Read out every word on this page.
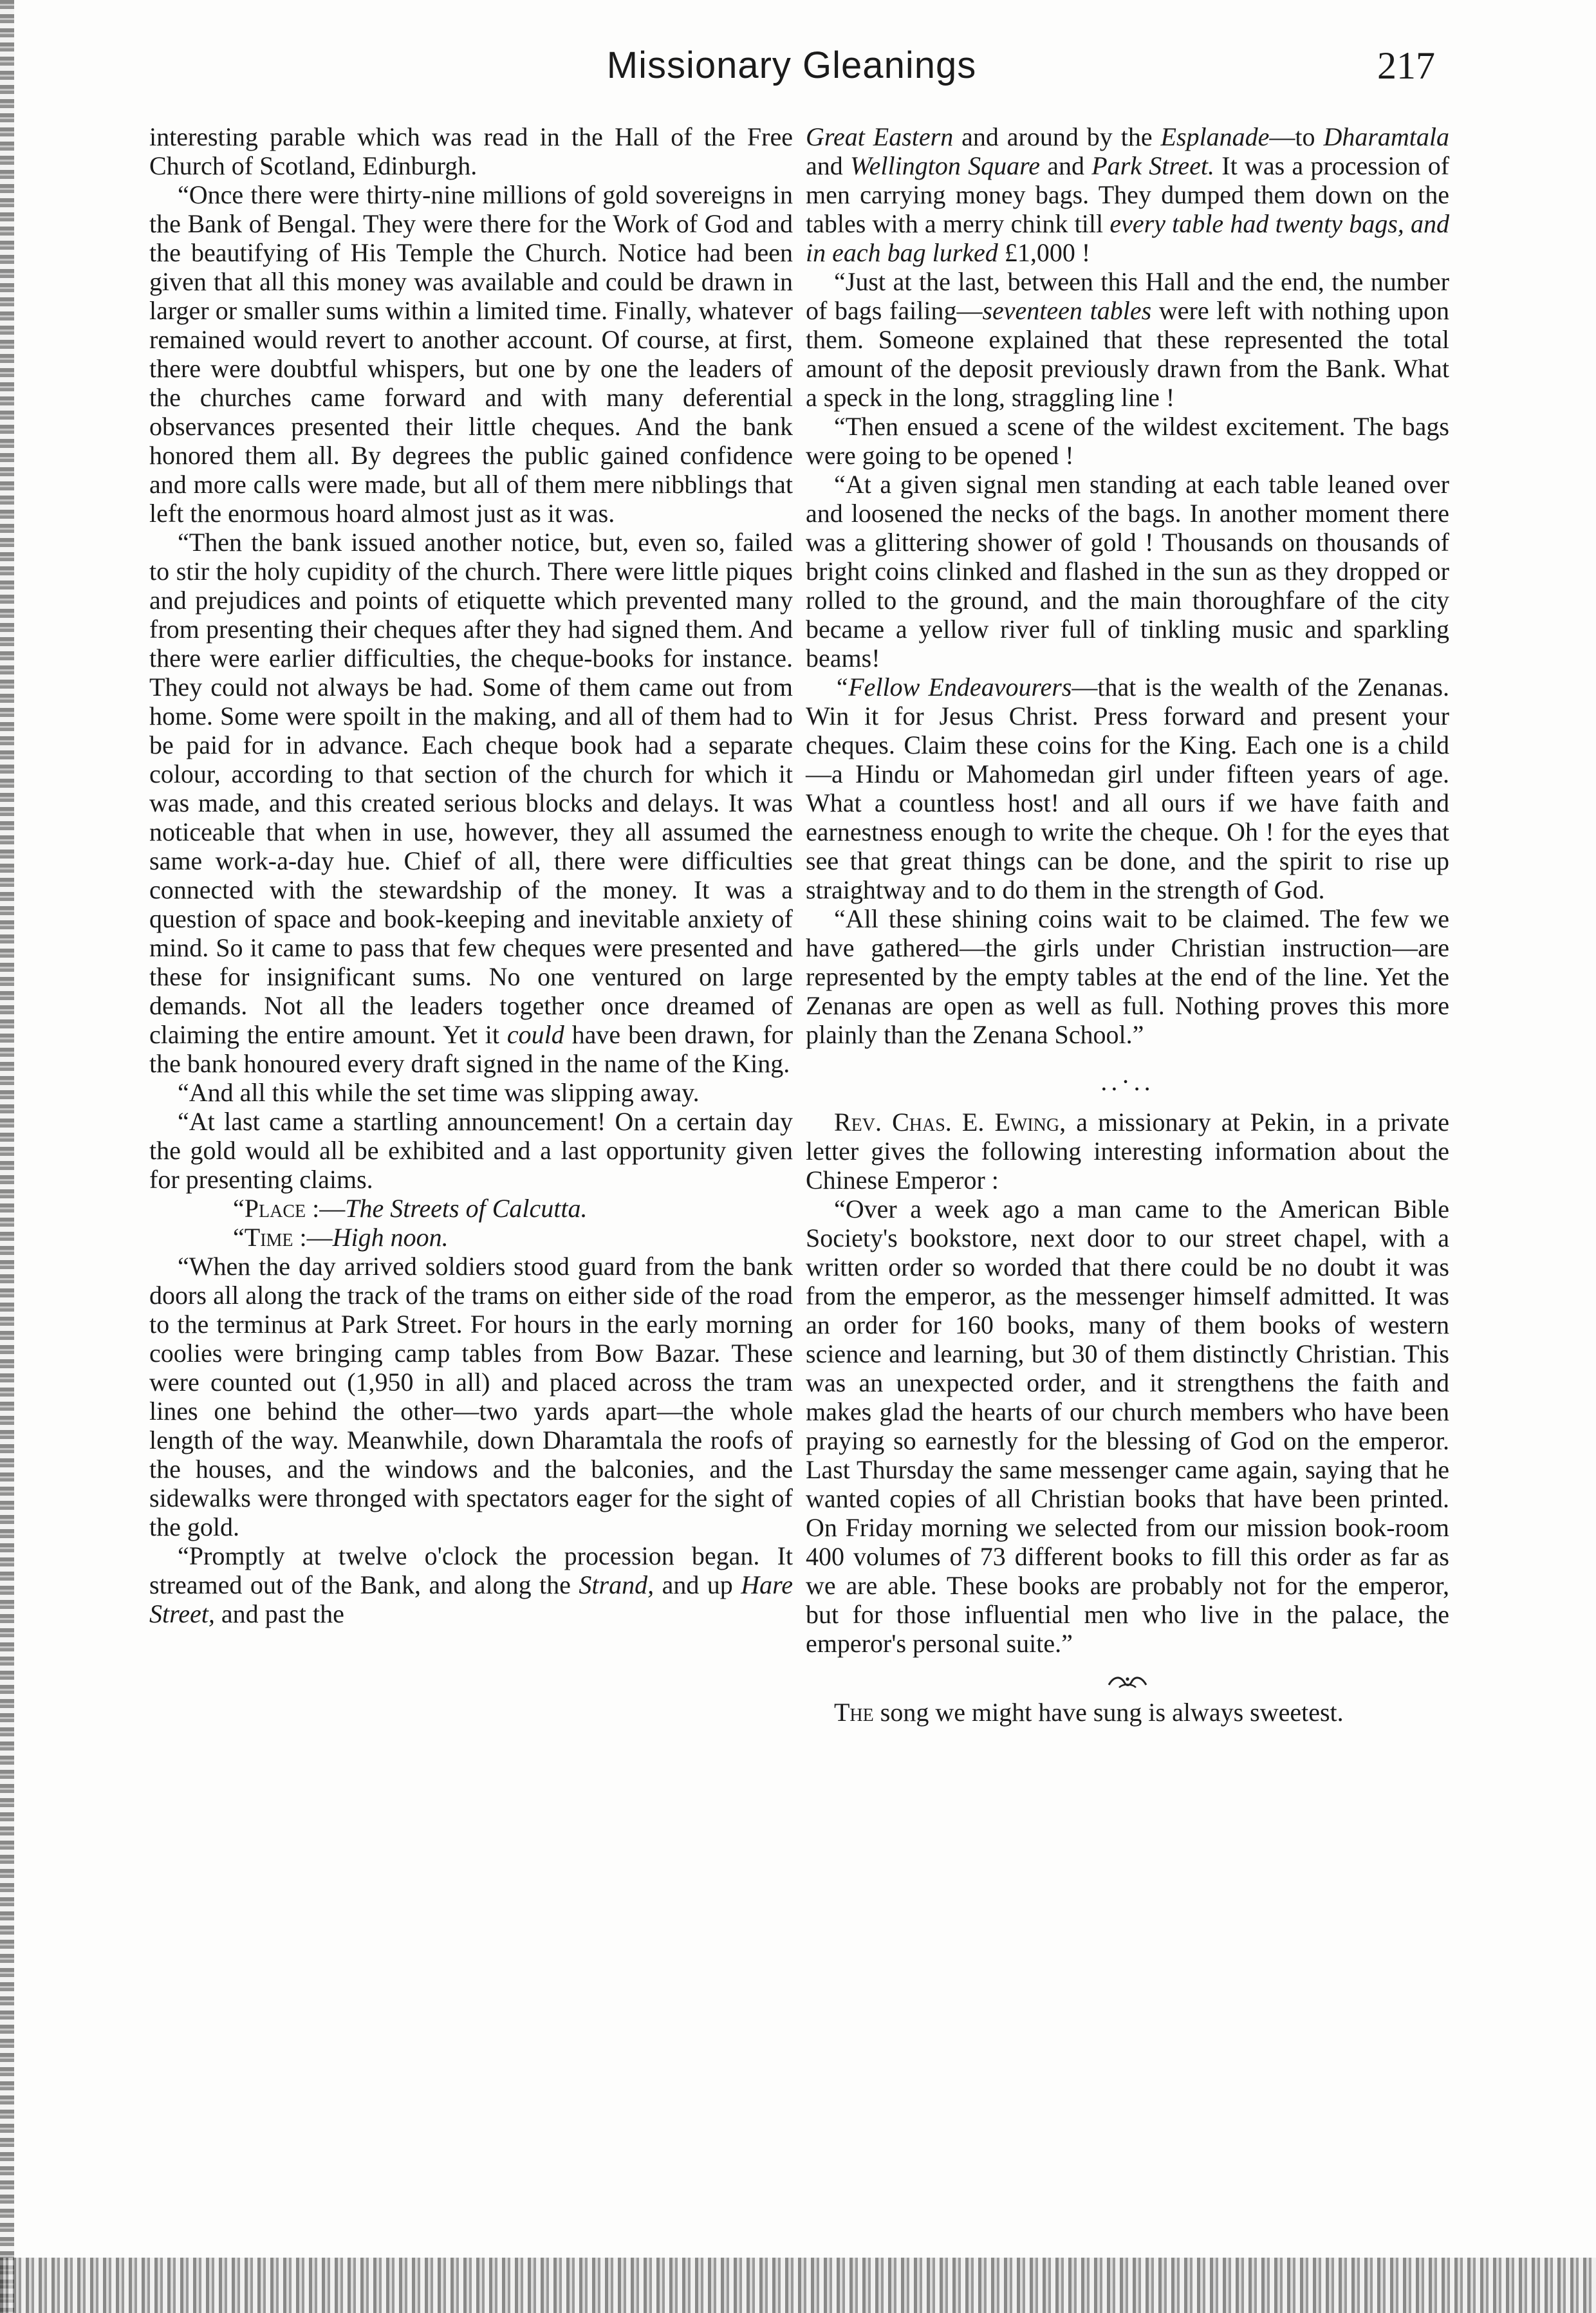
Missionary Gleanings	217

interesting parable which was read in the Hall of the Free Church of Scotland, Edinburgh.

“Once there were thirty-nine millions of gold sovereigns in the Bank of Bengal. They were there for the Work of God and the beautifying of His Temple the Church. Notice had been given that all this money was available and could be drawn in larger or smaller sums within a limited time. Finally, whatever remained would revert to another account. Of course, at first, there were doubtful whispers, but one by one the leaders of the churches came forward and with many deferential observances presented their little cheques. And the bank honored them all. By degrees the public gained confidence and more calls were made, but all of them mere nibblings that left the enormous hoard almost just as it was.

“Then the bank issued another notice, but, even so, failed to stir the holy cupidity of the church. There were little piques and prejudices and points of etiquette which prevented many from presenting their cheques after they had signed them. And there were earlier difficulties, the cheque-books for instance. They could not always be had. Some of them came out from home. Some were spoilt in the making, and all of them had to be paid for in advance. Each cheque book had a separate colour, according to that section of the church for which it was made, and this created serious blocks and delays. It was noticeable that when in use, however, they all assumed the same work-a-day hue. Chief of all, there were difficulties connected with the stewardship of the money. It was a question of space and book-keeping and inevitable anxiety of mind. So it came to pass that few cheques were presented and these for insignificant sums. No one ventured on large demands. Not all the leaders together once dreamed of claiming the entire amount. Yet it could have been drawn, for the bank honoured every draft signed in the name of the King.

“And all this while the set time was slipping away.

“At last came a startling announcement! On a certain day the gold would all be exhibited and a last opportunity given for presenting claims.

“Place :—The Streets of Calcutta.

“Time :—High noon.

“When the day arrived soldiers stood guard from the bank doors all along the track of the trams on either side of the road to the terminus at Park Street. For hours in the early morning coolies were bringing camp tables from Bow Bazar. These were counted out (1,950 in all) and placed across the tram lines one behind the other—two yards apart—the whole length of the way. Meanwhile, down Dharamtala the roofs of the houses, and the windows and the balconies, and the sidewalks were thronged with spectators eager for the sight of the gold.

“Promptly at twelve o'clock the procession began. It streamed out of the Bank, and along the Strand, and up Hare Street, and past the

Great Eastern and around by the Esplanade—to Dharamtala and Wellington Square and Park Street. It was a procession of men carrying money bags. They dumped them down on the tables with a merry chink till every table had twenty bags, and in each bag lurked £1,000 !

“Just at the last, between this Hall and the end, the number of bags failing—seventeen tables were left with nothing upon them. Someone explained that these represented the total amount of the deposit previously drawn from the Bank. What a speck in the long, straggling line !

“Then ensued a scene of the wildest excitement. The bags were going to be opened !

“At a given signal men standing at each table leaned over and loosened the necks of the bags. In another moment there was a glittering shower of gold ! Thousands on thousands of bright coins clinked and flashed in the sun as they dropped or rolled to the ground, and the main thoroughfare of the city became a yellow river full of tinkling music and sparkling beams!

“Fellow Endeavourers—that is the wealth of the Zenanas. Win it for Jesus Christ. Press forward and present your cheques. Claim these coins for the King. Each one is a child—a Hindu or Mahomedan girl under fifteen years of age. What a countless host! and all ours if we have faith and earnestness enough to write the cheque. Oh ! for the eyes that see that great things can be done, and the spirit to rise up straightway and to do them in the strength of God.

“All these shining coins wait to be claimed. The few we have gathered—the girls under Christian instruction—are represented by the empty tables at the end of the line. Yet the Zenanas are open as well as full. Nothing proves this more plainly than the Zenana School.”

..·..

Rev. Chas. E. Ewing, a missionary at Pekin, in a private letter gives the following interesting information about the Chinese Emperor :

“Over a week ago a man came to the American Bible Society's bookstore, next door to our street chapel, with a written order so worded that there could be no doubt it was from the emperor, as the messenger himself admitted. It was an order for 160 books, many of them books of western science and learning, but 30 of them distinctly Christian. This was an unexpected order, and it strengthens the faith and makes glad the hearts of our church members who have been praying so earnestly for the blessing of God on the emperor. Last Thursday the same messenger came again, saying that he wanted copies of all Christian books that have been printed. On Friday morning we selected from our mission book-room 400 volumes of 73 different books to fill this order as far as we are able. These books are probably not for the emperor, but for those influential men who live in the palace, the emperor's personal suite.”

The song we might have sung is always sweetest.
